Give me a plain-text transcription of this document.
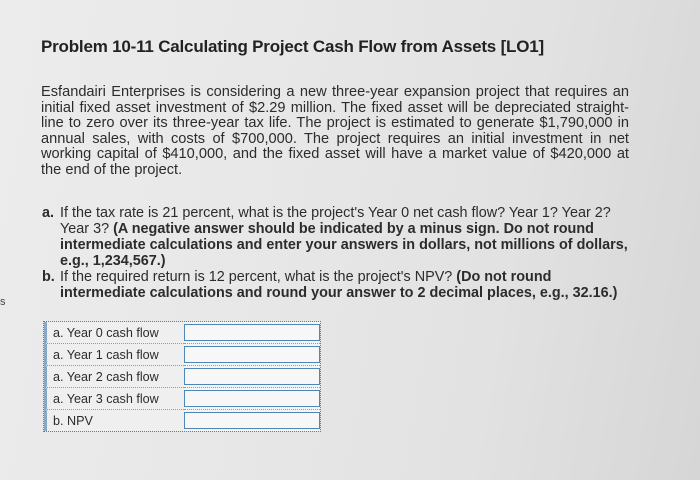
s
Problem 10-11 Calculating Project Cash Flow from Assets [LO1]

Esfandairi Enterprises is considering a new three-year expansion project that requires an initial fixed asset investment of $2.29 million. The fixed asset will be depreciated straight-line to zero over its three-year tax life. The project is estimated to generate $1,790,000 in annual sales, with costs of $700,000. The project requires an initial investment in net working capital of $410,000, and the fixed asset will have a market value of $420,000 at the end of the project.

a. If the tax rate is 21 percent, what is the project's Year 0 net cash flow? Year 1? Year 2? Year 3? (A negative answer should be indicated by a minus sign. Do not round intermediate calculations and enter your answers in dollars, not millions of dollars, e.g., 1,234,567.)
b. If the required return is 12 percent, what is the project's NPV? (Do not round intermediate calculations and round your answer to 2 decimal places, e.g., 32.16.)
a. Year 0 cash flow	

a. Year 1 cash flow	

a. Year 2 cash flow	

a. Year 3 cash flow	

b. NPV	
